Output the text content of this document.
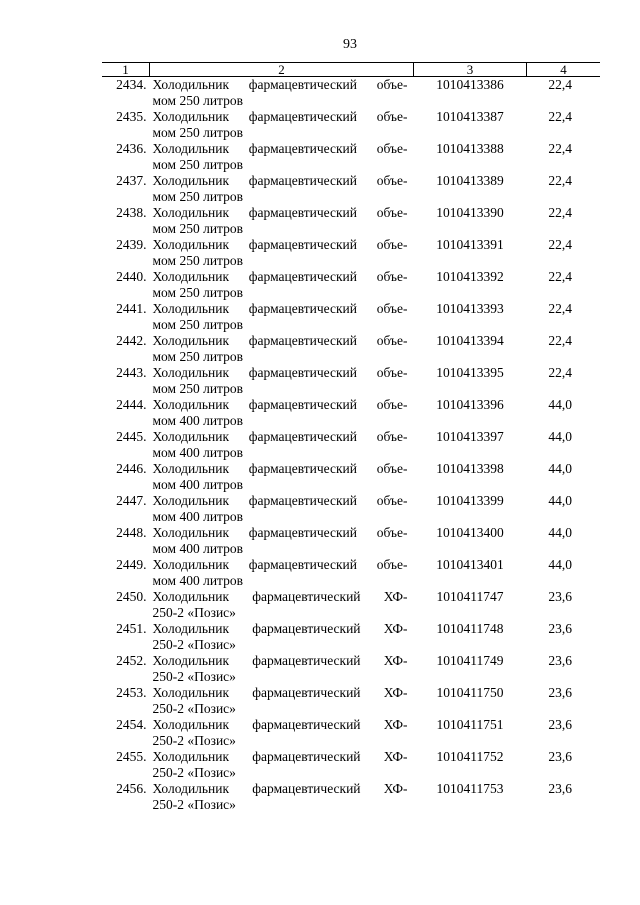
93
1	2	3	4
2434.	Холодильник фармацевтический объе-
мом 250 литров	1010413386	22,4
2435.	Холодильник фармацевтический объе-
мом 250 литров	1010413387	22,4
2436.	Холодильник фармацевтический объе-
мом 250 литров	1010413388	22,4
2437.	Холодильник фармацевтический объе-
мом 250 литров	1010413389	22,4
2438.	Холодильник фармацевтический объе-
мом 250 литров	1010413390	22,4
2439.	Холодильник фармацевтический объе-
мом 250 литров	1010413391	22,4
2440.	Холодильник фармацевтический объе-
мом 250 литров	1010413392	22,4
2441.	Холодильник фармацевтический объе-
мом 250 литров	1010413393	22,4
2442.	Холодильник фармацевтический объе-
мом 250 литров	1010413394	22,4
2443.	Холодильник фармацевтический объе-
мом 250 литров	1010413395	22,4
2444.	Холодильник фармацевтический объе-
мом 400 литров	1010413396	44,0
2445.	Холодильник фармацевтический объе-
мом 400 литров	1010413397	44,0
2446.	Холодильник фармацевтический объе-
мом 400 литров	1010413398	44,0
2447.	Холодильник фармацевтический объе-
мом 400 литров	1010413399	44,0
2448.	Холодильник фармацевтический объе-
мом 400 литров	1010413400	44,0
2449.	Холодильник фармацевтический объе-
мом 400 литров	1010413401	44,0
2450.	Холодильник фармацевтический ХФ-
250-2 «Позис»	1010411747	23,6
2451.	Холодильник фармацевтический ХФ-
250-2 «Позис»	1010411748	23,6
2452.	Холодильник фармацевтический ХФ-
250-2 «Позис»	1010411749	23,6
2453.	Холодильник фармацевтический ХФ-
250-2 «Позис»	1010411750	23,6
2454.	Холодильник фармацевтический ХФ-
250-2 «Позис»	1010411751	23,6
2455.	Холодильник фармацевтический ХФ-
250-2 «Позис»	1010411752	23,6
2456.	Холодильник фармацевтический ХФ-
250-2 «Позис»	1010411753	23,6
